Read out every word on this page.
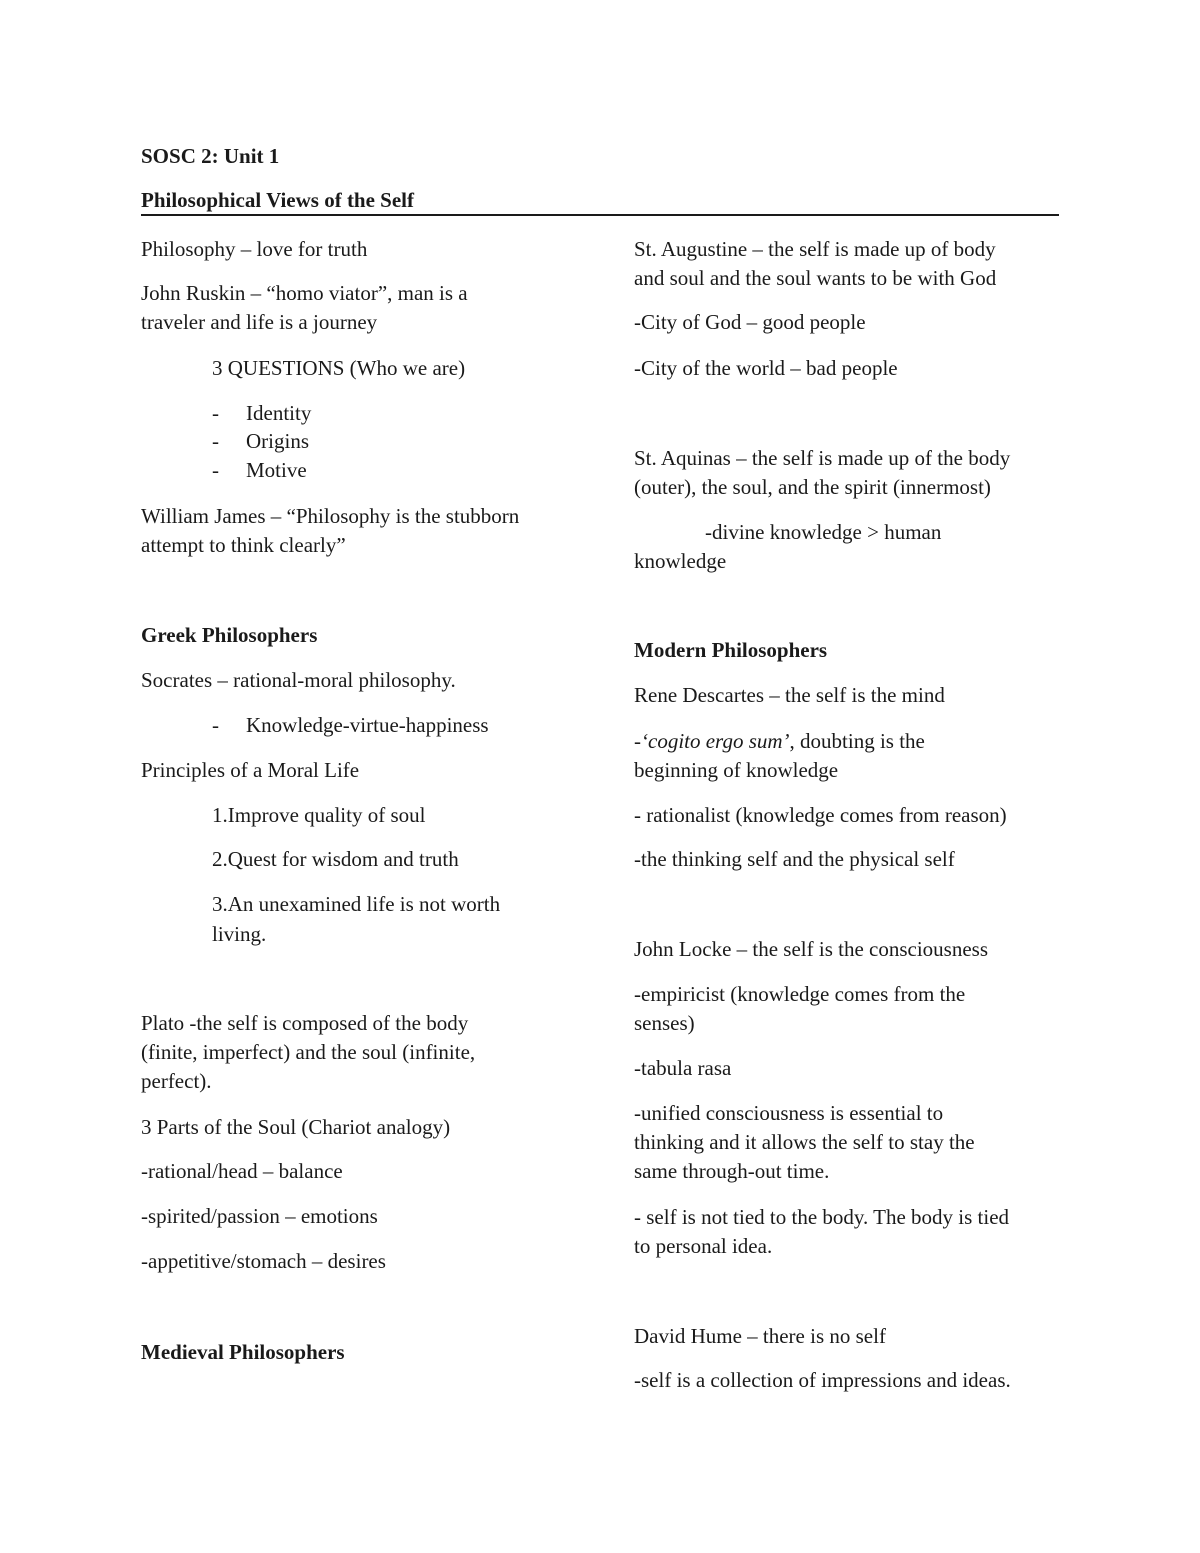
SOSC 2: Unit 1
Philosophical Views of the Self
Philosophy – love for truth
John Ruskin – “homo viator”, man is a
traveler and life is a journey
3 QUESTIONS (Who we are)
- Identity
- Origins
- Motive
William James – “Philosophy is the stubborn
attempt to think clearly”
Greek Philosophers
Socrates – rational-moral philosophy.
- Knowledge-virtue-happiness
Principles of a Moral Life
1.Improve quality of soul
2.Quest for wisdom and truth
3.An unexamined life is not worth
living.
Plato -the self is composed of the body
(finite, imperfect) and the soul (infinite,
perfect).
3 Parts of the Soul (Chariot analogy)
-rational/head – balance
-spirited/passion – emotions
-appetitive/stomach – desires
Medieval Philosophers
St. Augustine – the self is made up of body
and soul and the soul wants to be with God
-City of God – good people
-City of the world – bad people
St. Aquinas – the self is made up of the body
(outer), the soul, and the spirit (innermost)
-divine knowledge > human
knowledge
Modern Philosophers
Rene Descartes – the self is the mind
-‘cogito ergo sum’, doubting is the
beginning of knowledge
- rationalist (knowledge comes from reason)
-the thinking self and the physical self
John Locke – the self is the consciousness
-empiricist (knowledge comes from the
senses)
-tabula rasa
-unified consciousness is essential to
thinking and it allows the self to stay the
same through-out time.
- self is not tied to the body. The body is tied
to personal idea.
David Hume – there is no self
-self is a collection of impressions and ideas.
